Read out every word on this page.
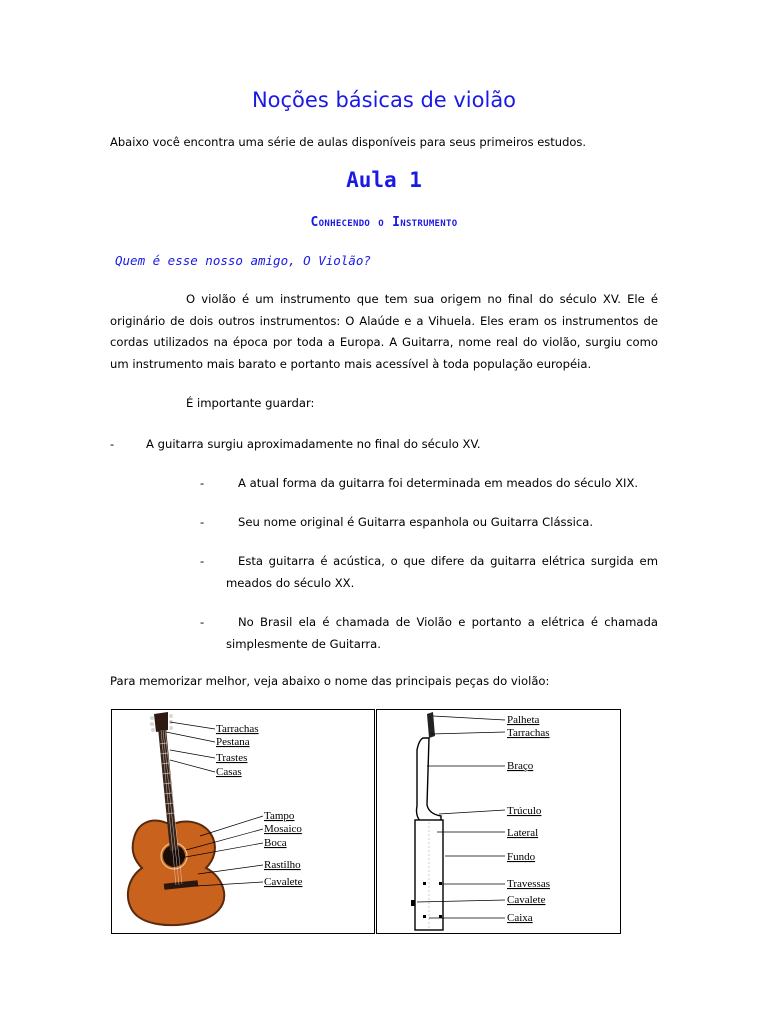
Noções básicas de violão
Abaixo você encontra uma série de aulas disponíveis para seus primeiros estudos.
Aula 1
Conhecendo o Instrumento
Quem é esse nosso amigo, O Violão?
O violão é um instrumento que tem sua origem no final do século XV. Ele é originário de dois outros instrumentos: O Alaúde e a Vihuela. Eles eram os instrumentos de cordas utilizados na época por toda a Europa. A Guitarra, nome real do violão, surgiu como um instrumento mais barato e portanto mais acessível à toda população européia.
É importante guardar:
-	A guitarra surgiu aproximadamente no final do século XV.
-	A atual forma da guitarra foi determinada em meados do século XIX.
-	Seu nome original é Guitarra espanhola ou Guitarra Clássica.
-	Esta guitarra é acústica, o que difere da guitarra elétrica surgida em meados do século XX.
-	No Brasil ela é chamada de Violão e portanto a elétrica é chamada simplesmente de Guitarra.
Para memorizar melhor, veja abaixo o nome das principais peças do violão:
Tarrachas
Pestana
Trastes
Casas
Tampo
Mosaico
Boca
Rastilho
Cavalete
Palheta
Tarrachas
Braço
Trúculo
Lateral
Fundo
Travessas
Cavalete
Caixa
